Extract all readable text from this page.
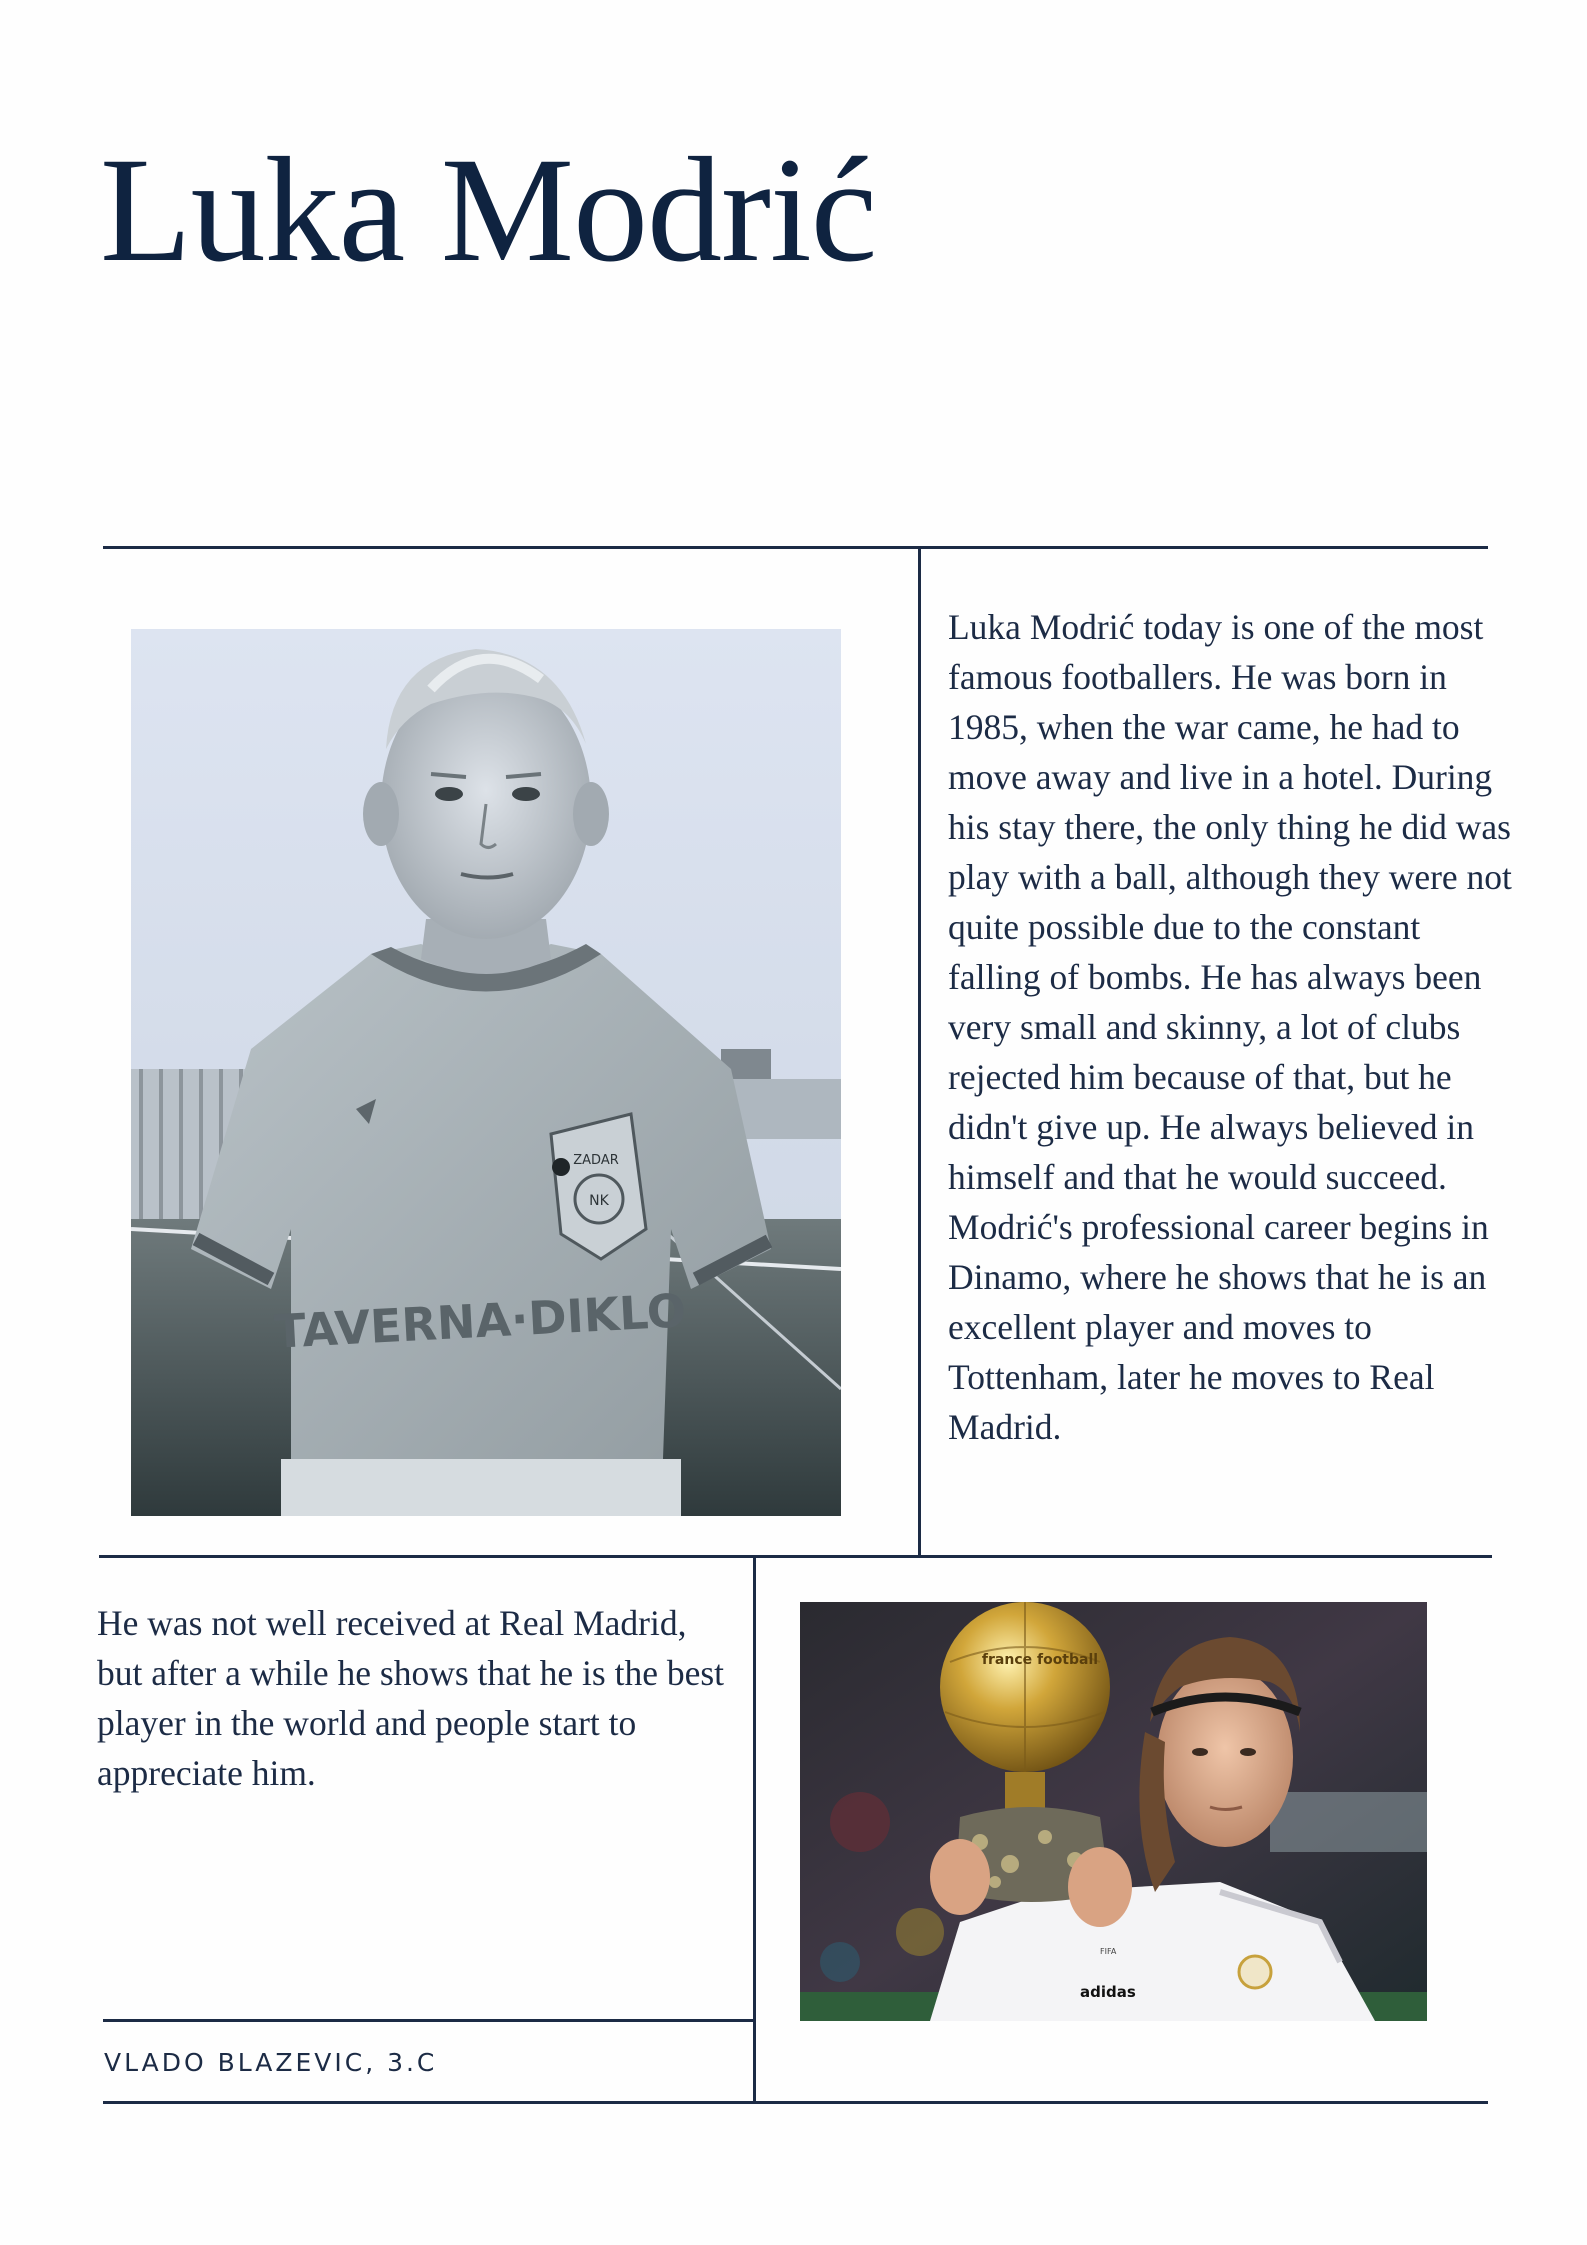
Luka Modrić
NK
ZADAR
TAVERNA·DIKLO

Luka Modrić today is one of the most famous footballers. He was born in 1985, when the war came, he had to move away and live in a hotel. During his stay there, the only thing he did was play with a ball, although they were not quite possible due to the constant falling of bombs. He has always been very small and skinny, a lot of clubs rejected him because of that, but he didn't give up. He always believed in himself and that he would succeed. Modrić's professional career begins in Dinamo, where he shows that he is an excellent player and moves to Tottenham, later he moves to Real Madrid.

He was not well received at Real Madrid, but after a while he shows that he is the best player in the world and people start to appreciate him.

france football
adidas
FIFA
VLADO BLAZEVIC, 3.C
